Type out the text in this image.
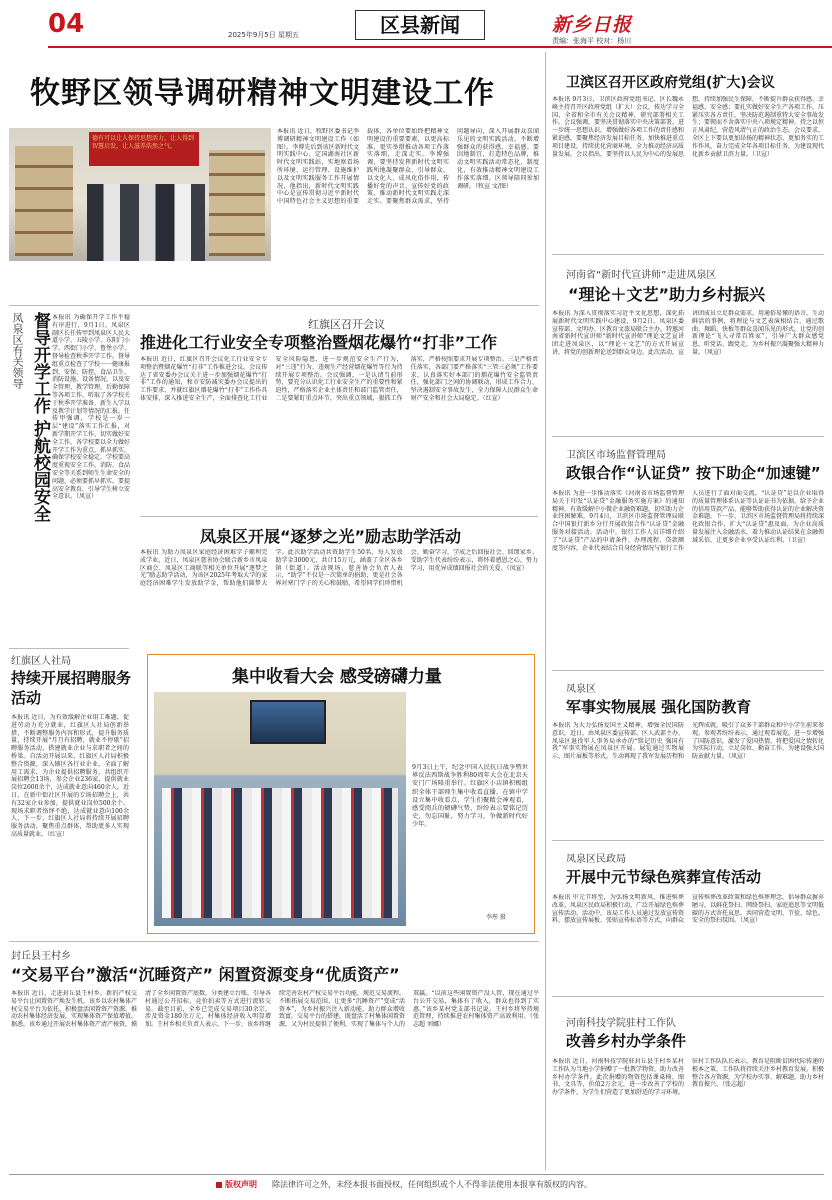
04	2025年9月5日 星期五	区县新闻	新乡日报
责编：张海平 校对：杨川
牧野区领导调研精神文明建设工作
德有可以让人保持思想活力，让人得到智慧启发，让人滋养浩然之气。
本报讯 近日，牧野区委书记李博调研精神文明建设工作（如图）。李博先后到该区新时代文明实践中心、定国湖南社区新时代文明实践站，实地察看场所环境、运行管理、设施维护以及文明实践服务工作开展情况，他指出，新时代文明实践中心是宣传贯彻习近平新时代中国特色社会主义思想的重要载体，各单位要始终把精神文明建设的重要要素，以更高标准、更实举措推动各项工作落实落细，走深走实。李博强调，要坚持发挥新时代文明实践所地凝聚群众、引导群众、以文化人、成风化俗作用，传播好党的声音、宣传好党的政策，推动新时代文明实践走深走实。要聚焦群众需求，坚持问题导向，深入开展群众喜闻乐见的文明实践活动，不断增强群众的获得感、幸福感。要因地制宜，打造特色品牌，推动文明实践活动常态化、制度化，有效推动精神文明建设工作落实落细。区领导陪同参加调研。（牧宣 文/图）
凤泉区有关领导 督导开学工作 护航校园安全 本报讯 为确保开学工作平稳有序进行，9月1日，凤泉区副区长任传甲到凤泉区人民大道小学、五陵小学、东阳门小学、西街门小学、鲁堡小学、督导检查秋季开学工作。督导组重点检查了学校一一健康报到、安保、防控，食品卫生、消防设施、设备情况，以及安全管理、教学管理、后勤保障等各项工作，听取了各学校关于秋季开学准备、新生入学以及教学计划等情况的汇报。任传甲强调，学校是一岁一层“建设”落实工作汇报，对新学期开学工作，切实做好安全工作，各学校要以全力做好开学工作为重点，抓早抓实，确保学校安全稳定。学校要高度重视安全工作，消防、食品安全等关系到师生生命安全的问题，必须要抓早抓实。要提高安全教育，引导学生树立安全意识。（凤宣）
红旗区召开会议
推进化工行业安全专项整治暨烟花爆竹“打非”工作
本报讯 近日，红旗区召开会议化工行业安全专项整治暨烟花爆竹“打非”工作推进会议。会议传达了省安委办会议关于进一步加强烟花爆竹“打非”工作的通知，和市安防减灾委办会议提出的工作要求，并就红旗区烟花爆竹“打非”工作作具体安排，深入推进安全生产，全面排查化工行业安全风险隐患，进一步规范安全生产行为，对“三违”行为、违规生产经营烟花爆竹等行为持续开展专项整治。会议强调，一是认清当前形势，要充分认识化工行业安全生产的重要性和紧迫性，严格落实企业主体责任和部门监管责任，二是要紧盯重点环节，突出重点领域，狠抓工作落实，严格按照要求开展专项整治。三是严格责任落实，各部门要严格落实“三管三必须”工作要求，认真落实好本部门的烟花爆竹安全监管责任，强化部门之间的协调联动，形成工作合力，坚决遏制安全事故发生，全力保障人民群众生命财产安全和社会大局稳定。（红宣）
凤泉区开展“逐梦之光”励志助学活动
本报讯 为助力凤泉区家庭经济困难学子顺利完成学业，近日，凤泉区慈善协会联合新乡市凤泉区商会、凤泉区工商联等相关单位开展“逐梦之光”励志助学活动，为该区2025年考取大学的家庭经济困难学生发放助学金，帮助他们圆梦大学。此次助学活动共资助学生50名，每人发放助学金3000元，共计15万元，涵盖了全区各乡镇（街道）。活动现场，慈善协会负责人表示，“助学”不仅是一次简单的捐助，更是社会各界对寒门学子的关心和鼓励，希望同学们珍惜机会、勤奋学习，学成之后回报社会、回馈家乡。受助学生代表纷纷表示，将怀着感恩之心，努力学习，用优异成绩回报社会的关爱。（凤宣）
红旗区人社局
持续开展招聘服务活动
本报讯 近日，为有效缓解企业用工难题，促进劳动力充分就业，红旗区人社局创新举措，不断调整服务内容和形式，提升服务质量，持续开展“月月有招聘，就业不停歇”招聘服务活动，搭建就业企业与求职者之间的桥梁。自活动开展以来，红旗区人社局积极整合资源，深入辖区各行业企业，全面了解用工需求，为企业提供招聘服务，共组织开展招聘会13场，参会企业236家，提供就业岗位2600余个，达成就业意向460余人。近日，在新中街社区开展的专场招聘会上，共有32家企业参加，提供就业岗位500余个。现场求职者络绎不绝，达成就业意向100余人，下一步，红旗区人社局将持续开展招聘服务活动，聚焦重点群体，帮助更多人实现高质量就业。（红宣）
集中收看大会 感受磅礴力量
9月3日上午，纪念中国人民抗日战争暨世界反法西斯战争胜利80周年大会在北京天安门广场隆重举行。红旗区小店镇积极组织全体干部师生集中收看直播，在镇中学设立集中收看点，学生们聚精会神观看，感受阅兵的磅礴气势，纷纷表示要铭记历史，勿忘国耻，努力学习，争做新时代好少年。
李彤 摄
封丘县王村乡
“交易平台”激活“沉睡资产” 闲置资源变身“优质资产”
本报讯 近日，走进封丘县王村乡，新的产权交易平台让闲置资产焕发生机。该乡以农村集体产权交易平台为依托，积极盘活闲置资产资源，推动农村集体经济发展，实现集体资产保值增值。据悉，该乡通过开展农村集体资产清产核资，摸清了全乡闲置资产底数，分类建立台账，引导各村通过公开招标、竞价拍卖等方式进行流转交易。截至目前，全乡已完成交易项目30余宗，涉及资金180余万元，村集体经济收入明显增加。王村乡相关负责人表示，下一步，该乡将继续完善农村产权交易平台功能，规范交易流程，不断拓展交易范围，让更多“沉睡资产”变成“活资本”，为乡村振兴注入新动能，助力群众增收致富。交易平台的搭建，既盘活了村集体闲置资源，又为村民提供了便利，实现了集体与个人的双赢。“以前这些闲置资产没人管，现在通过平台公开交易，集体有了收入，群众也得到了实惠。”该乡某村党支部书记说。王村乡将坚持规范管理，持续推进农村集体资产高效利用。（张志超 刘娜）
卫滨区召开区政府党组(扩大)会议
本报讯 9月3日，卫滨区政府党组书记、区长魏永峰主持召开区政府党组（扩大）会议，传达学习全国、全省和全市有关会议精神，研究部署相关工作。会议强调，要坚决贯彻落实中央决策部署，进一步统一思想认识，增强做好各项工作的责任感和紧迫感，要聚焦经济发展目标任务，加快推进重点项目建设，持续优化营商环境，全力推动经济高质量发展。会议指出，要坚持以人民为中心的发展思想，持续加强民生保障，不断提升群众获得感、幸福感、安全感；要扎实做好安全生产各项工作，压紧压实各方责任，坚决防范遏制重特大安全事故发生；要锲而不舍落实中央八项规定精神，持之以恒正风肃纪，营造风清气正的政治生态。会议要求，全区上下要以更加昂扬的精神状态、更加务实的工作作风，奋力完成全年各项目标任务，为建设现代化新乡贡献卫滨力量。（卫宣）
河南省“新时代宣讲师”走进凤泉区
“理论＋文艺”助力乡村振兴
本报讯 为深入贯彻落实习近平文化思想，深化拓展新时代文明实践中心建设，9月2日，凤泉区委宣传部、文明办、区教育文旅局联合主办，特邀河南省新时代宣讲师“新时代宣讲师”理论文艺宣讲团走进凤泉区，以“理论＋文艺”的方式开展宣讲，将党的创新理论送到群众身边。此次活动，宣讲团成员立足群众需求，用通俗易懂的语言、生动鲜活的事例，将理论与文艺表演相结合，通过歌曲、舞蹈、快板等群众喜闻乐见的形式，让党的创新理论“飞入寻常百姓家”，引导广大群众感党恩、听党话、跟党走，为乡村振兴凝聚强大精神力量。（凤宣）
卫滨区市场监督管理局
政银合作“认证贷” 按下助企“加速键”
本报讯 为进一步推动落实《河南省市场监督管理局关于印发“认证贷”金融服务实施方案》的通知精神，有效缓解中小微企业融资难题，切实助力企业纾困解难，9月4日，卫滨区市场监督管理局联合中国银行新乡分行开展政银合作“认证贷”金融服务对接活动。活动中，银行工作人员详细介绍了“认证贷”产品的申请条件、办理流程、贷款额度等内容，企业代表结合自身经营情况与银行工作人员进行了面对面交流。“认证贷”是以企业取得的质量管理体系认证等认证证书为依据，给予企业的信用贷款产品，能够帮助获得认证的企业解决资金难题。下一步，卫滨区市场监督管理局将持续深化政银合作，扩大“认证贷”惠及面，为企业高质量发展注入金融活水，着力推动认证结果在金融领域采信，让更多企业享受认证红利。（卫宣）
凤泉区
军事实物展展 强化国防教育
本报讯 为大力弘扬爱国主义精神，增强全民国防意识，近日，由凤泉区委宣传部、区人武部主办，凤泉区退役军人事务局承办的“铭记历史 强国有我”军事实物展在凤泉区开展。展览通过实物展示、图片展板等形式，生动再现了我军发展历程和光辉成就，吸引了众多干部群众和中小学生前来参观。参观者纷纷表示，通过观看展览，进一步增强了国防意识，激发了爱国热情，将把爱国之情转化为实际行动，立足岗位、勤奋工作，为建设强大国防贡献力量。（凤宣）
凤泉区民政局
开展中元节绿色殡葬宣传活动
本报讯 中元节将至，为弘扬文明新风、推进殡葬改革，凤泉区民政局积极行动，广泛开展绿色殡葬宣传活动。活动中，该局工作人员通过发放宣传资料、摆放宣传展板、张贴宣传标语等方式，向群众宣传殡葬改革政策和绿色殡葬理念，倡导群众摒弃陋习，以鲜花祭扫、网络祭扫、家庭追思等文明低碳的方式寄托哀思，共同营造文明、节俭、绿色、安全的祭扫氛围。（凤宣）
河南科技学院驻村工作队
改善乡村办学条件
本报讯 近日，河南科技学院驻封丘县王村乡某村工作队为当地小学捐赠了一批教学物资，助力改善乡村办学条件。此次捐赠的物资包括课桌椅、图书、文具等，价值2万余元，进一步改善了学校的办学条件，为学生们营造了更加舒适的学习环境。驻村工作队队长表示，教育是阻断贫困代际传递的根本之策，工作队将持续关注乡村教育发展，积极整合各方资源，为学校办实事、解难题，助力乡村教育振兴。（张志超）
版权声明 除法律许可之外，未经本报书面授权，任何组织或个人不得非法使用本报享有版权的内容。
